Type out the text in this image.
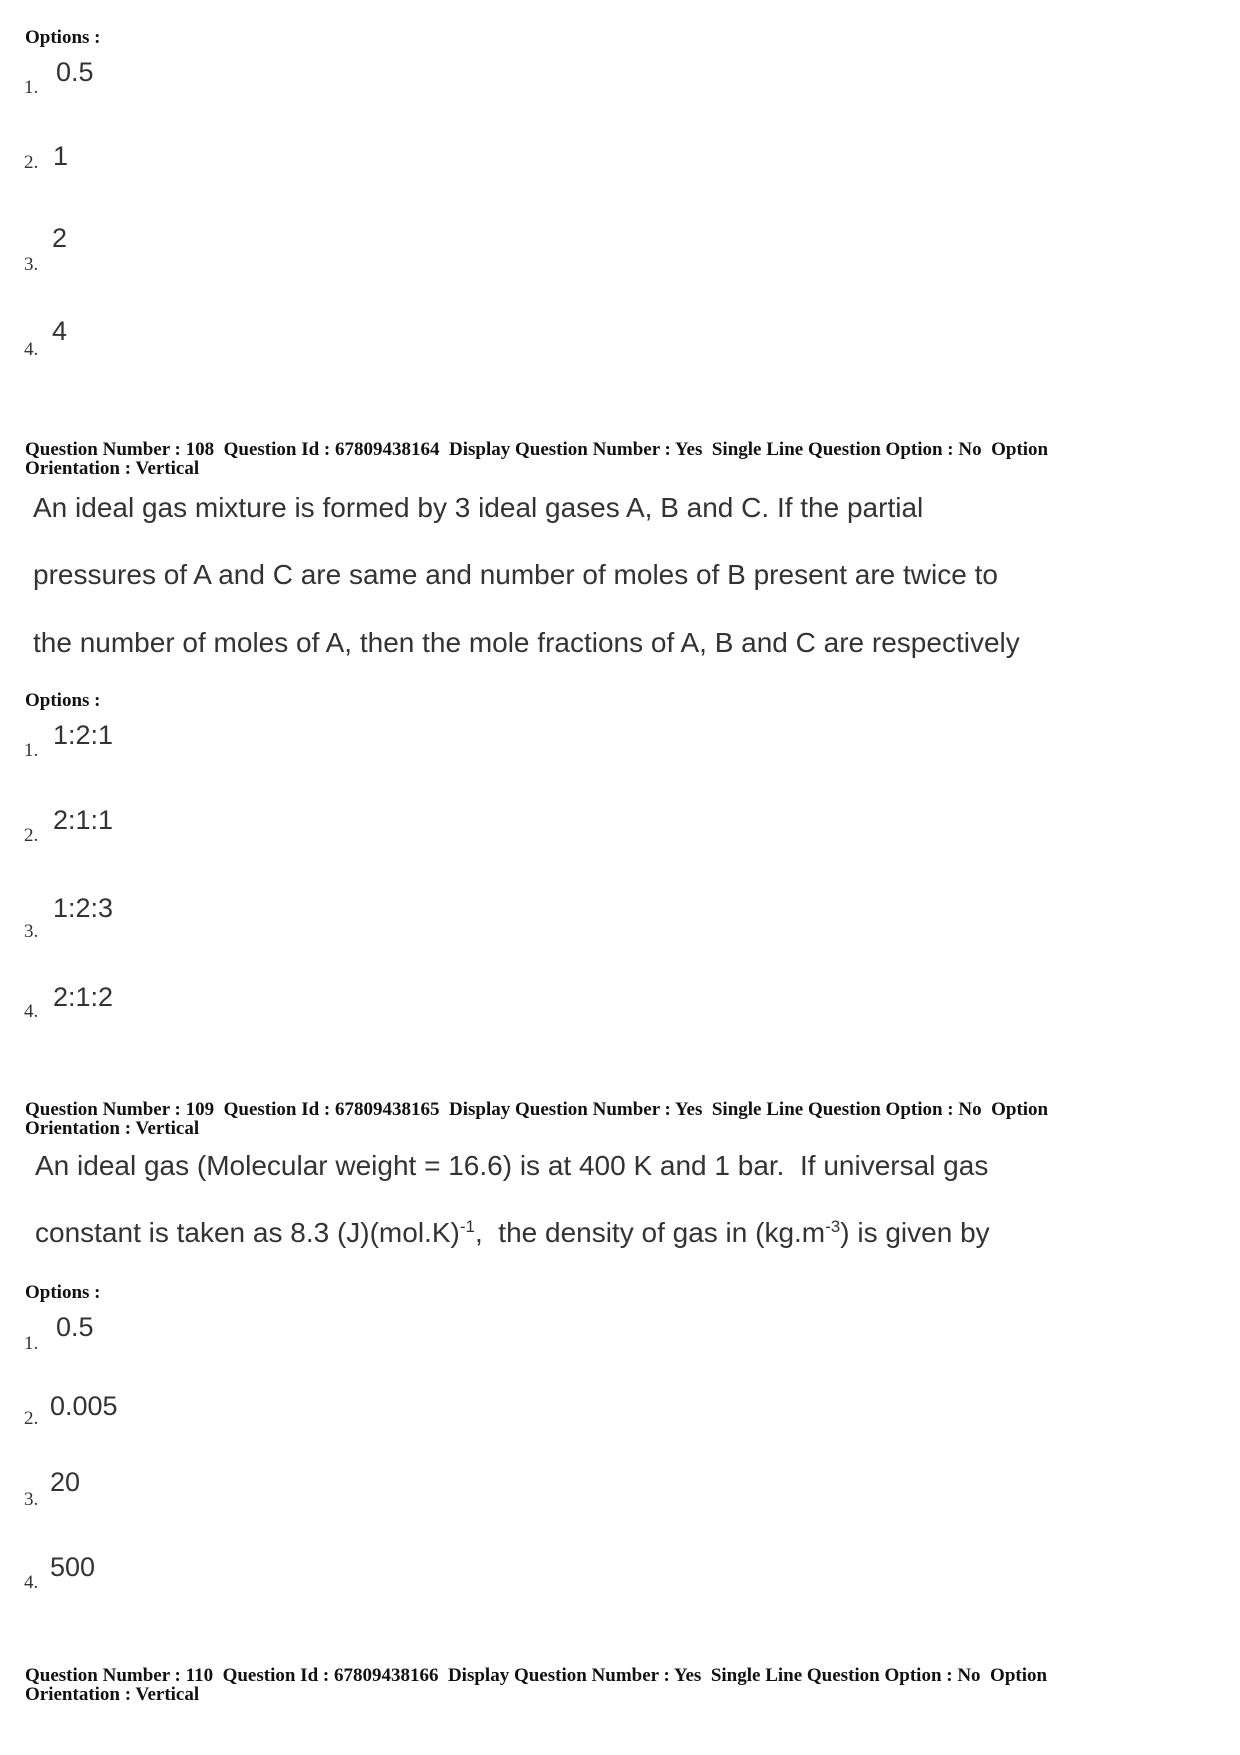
Options :
1.
0.5
2. 1
3.
2
4.
4
Question Number : 108  Question Id : 67809438164  Display Question Number : Yes  Single Line Question Option : No  Option
Orientation : Vertical
An ideal gas mixture is formed by 3 ideal gases A, B and C. If the partial
pressures of A and C are same and number of moles of B present are twice to
the number of moles of A, then the mole fractions of A, B and C are respectively
Options :
1.
1:2:1
2.
2:1:1
3.
1:2:3
4. 2:1:2
Question Number : 109  Question Id : 67809438165  Display Question Number : Yes  Single Line Question Option : No  Option
Orientation : Vertical
An ideal gas (Molecular weight = 16.6) is at 400 K and 1 bar.  If universal gas
constant is taken as 8.3 $(J)(mol.K)^{-1}$,  the density of gas in $(kg.m^{-3})$ is given by
Options :
1.
0.5
2. 0.005
3.
20
4.
500
Question Number : 110  Question Id : 67809438166  Display Question Number : Yes  Single Line Question Option : No  Option
Orientation : Vertical
